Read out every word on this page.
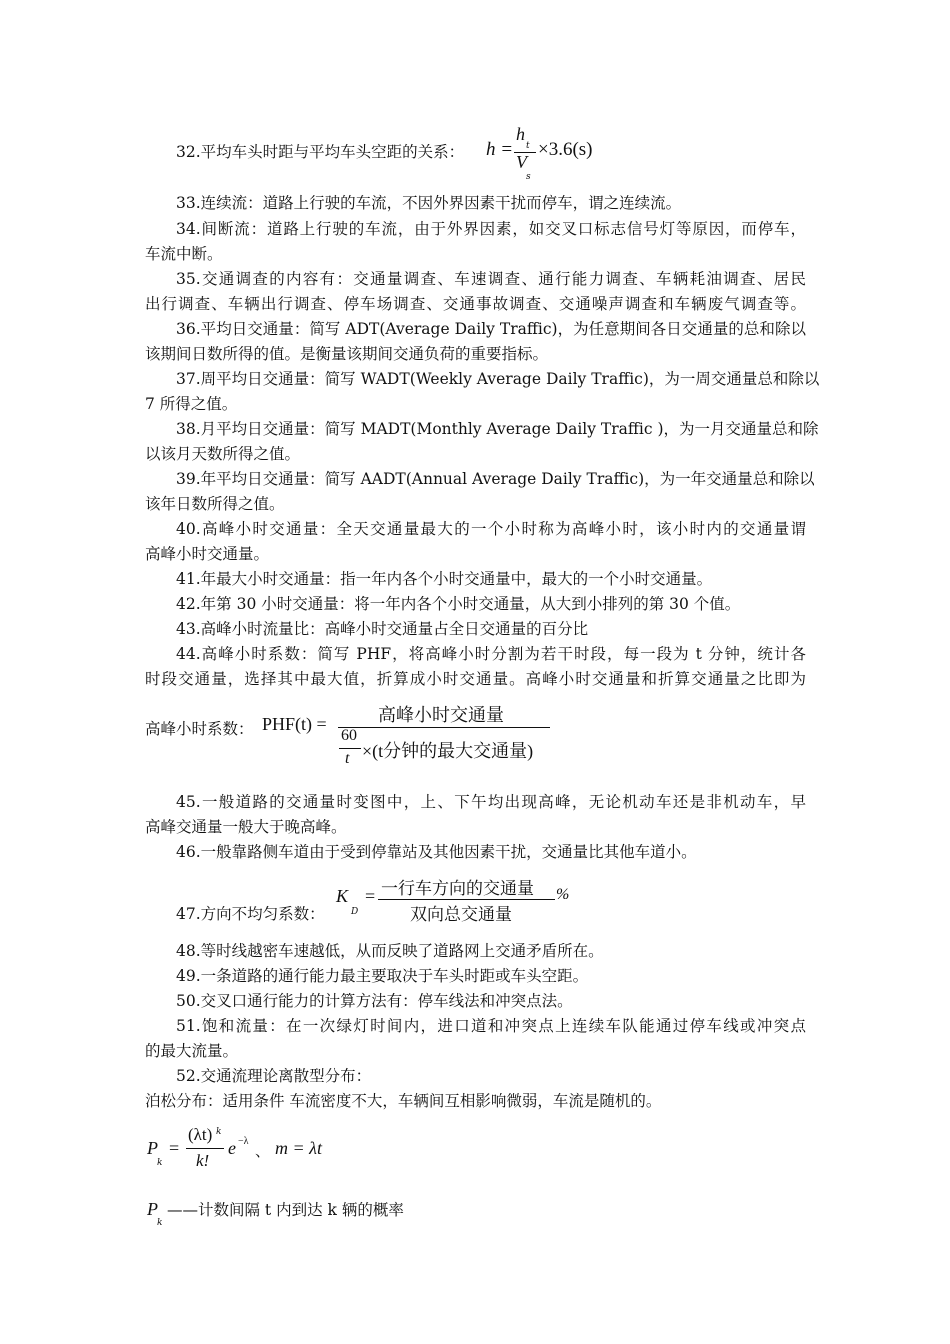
32.平均车头时距与平均车头空距的关系： h =
h
t
V
s
×3.6(s)
33.连续流：道路上行驶的车流，不因外界因素干扰而停车，谓之连续流。
34.间断流：道路上行驶的车流，由于外界因素，如交叉口标志信号灯等原因，而停车，
车流中断。
35.交通调查的内容有：交通量调查、车速调查、通行能力调查、车辆耗油调查、居民
出行调查、车辆出行调查、停车场调查、交通事故调查、交通噪声调查和车辆废气调查等。
36.平均日交通量：简写 ADT(Average Daily Traffic)，为任意期间各日交通量的总和除以
该期间日数所得的值。是衡量该期间交通负荷的重要指标。
37.周平均日交通量：简写 WADT(Weekly Average Daily Traffic)，为一周交通量总和除以
7 所得之值。
38.月平均日交通量：简写 MADT(Monthly Average Daily Traffic )，为一月交通量总和除
以该月天数所得之值。
39.年平均日交通量：简写 AADT(Annual Average Daily Traffic)，为一年交通量总和除以
该年日数所得之值。
40.高峰小时交通量：全天交通量最大的一个小时称为高峰小时，该小时内的交通量谓
高峰小时交通量。
41.年最大小时交通量：指一年内各个小时交通量中，最大的一个小时交通量。
42.年第 30 小时交通量：将一年内各个小时交通量，从大到小排列的第 30 个值。
43.高峰小时流量比：高峰小时交通量占全日交通量的百分比
44.高峰小时系数：简写 PHF，将高峰小时分割为若干时段，每一段为 t 分钟，统计各
时段交通量，选择其中最大值，折算成小时交通量。高峰小时交通量和折算交通量之比即为
高峰小时系数： PHF(t) =	高峰小时交通量
60
t ×(t分钟的最大交通量)
45.一般道路的交通量时变图中，上、下午均出现高峰，无论机动车还是非机动车，早
高峰交通量一般大于晚高峰。
46.一般靠路侧车道由于受到停靠站及其他因素干扰，交通量比其他车道小。
47.方向不均匀系数：
K
D
= 一行车方向的交通量
双向总交通量
%
48.等时线越密车速越低，从而反映了道路网上交通矛盾所在。
49.一条道路的通行能力最主要取决于车头时距或车头空距。
50.交叉口通行能力的计算方法有：停车线法和冲突点法。
51.饱和流量：在一次绿灯时间内，进口道和冲突点上连续车队能通过停车线或冲突点
的最大流量。
52.交通流理论离散型分布：
泊松分布：适用条件 车流密度不大，车辆间互相影响微弱，车流是随机的。
P
k
=
(λt) k
k!
e −λ
、 m = λt
P
k
——计数间隔 t 内到达 k 辆的概率
